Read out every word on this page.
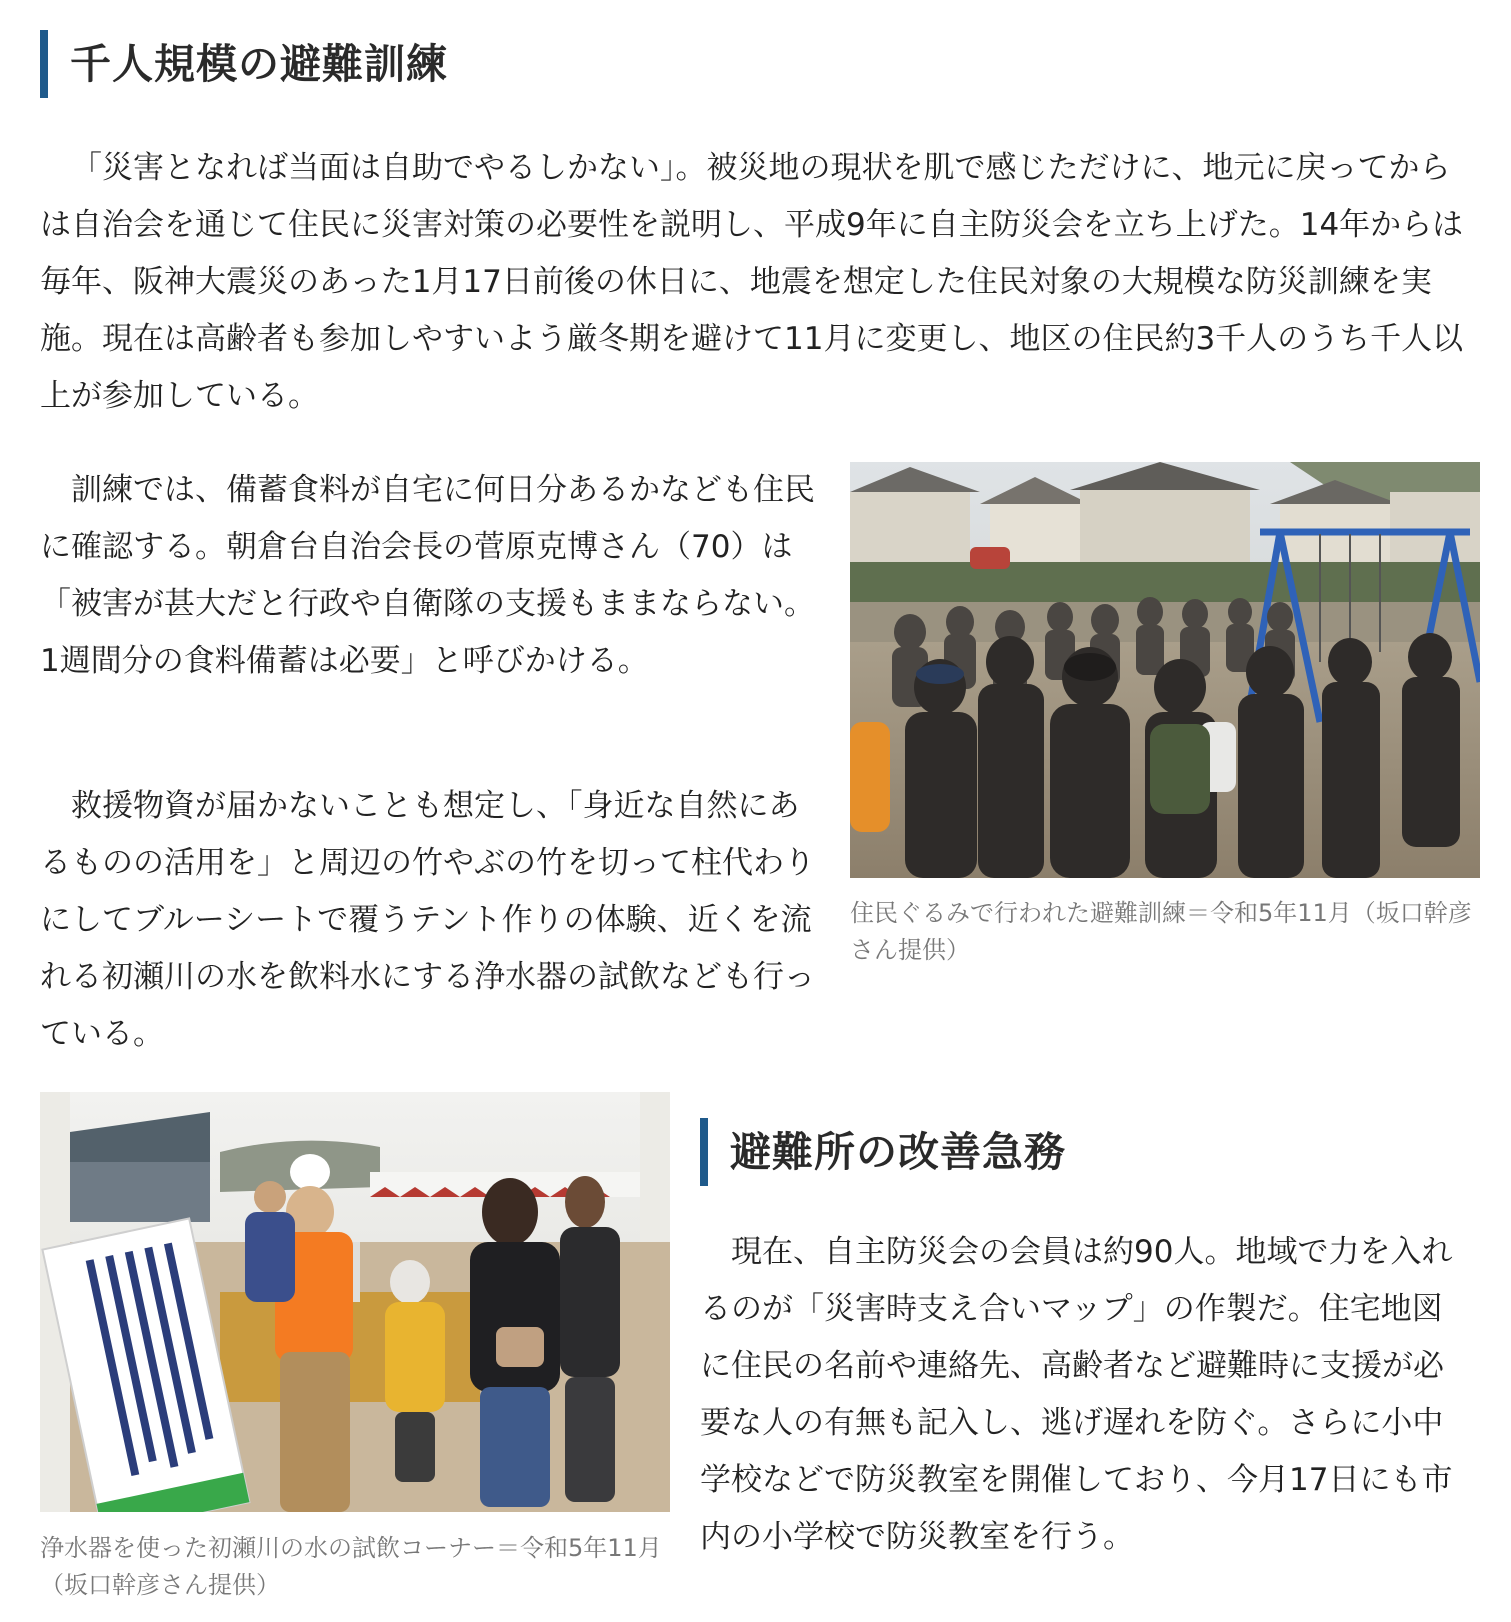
千人規模の避難訓練

「災害となれば当面は自助でやるしかない」。被災地の現状を肌で感じただけに、地元に戻ってからは自治会を通じて住民に災害対策の必要性を説明し、平成9年に自主防災会を立ち上げた。14年からは毎年、阪神大震災のあった1月17日前後の休日に、地震を想定した住民対象の大規模な防災訓練を実施。現在は高齢者も参加しやすいよう厳冬期を避けて11月に変更し、地区の住民約3千人のうち千人以上が参加している。

訓練では、備蓄食料が自宅に何日分あるかなども住民に確認する。朝倉台自治会長の菅原克博さん（70）は「被害が甚大だと行政や自衛隊の支援もままならない。1週間分の食料備蓄は必要」と呼びかける。

救援物資が届かないことも想定し、「身近な自然にあるものの活用を」と周辺の竹やぶの竹を切って柱代わりにしてブルーシートで覆うテント作りの体験、近くを流れる初瀬川の水を飲料水にする浄水器の試飲なども行っている。

住民ぐるみで行われた避難訓練＝令和5年11月（坂口幹彦さん提供）

浄水器を使った初瀬川の水の試飲コーナー＝令和5年11月（坂口幹彦さん提供）

避難所の改善急務

現在、自主防災会の会員は約90人。地域で力を入れるのが「災害時支え合いマップ」の作製だ。住宅地図に住民の名前や連絡先、高齢者など避難時に支援が必要な人の有無も記入し、逃げ遅れを防ぐ。さらに小中学校などで防災教室を開催しており、今月17日にも市内の小学校で防災教室を行う。
